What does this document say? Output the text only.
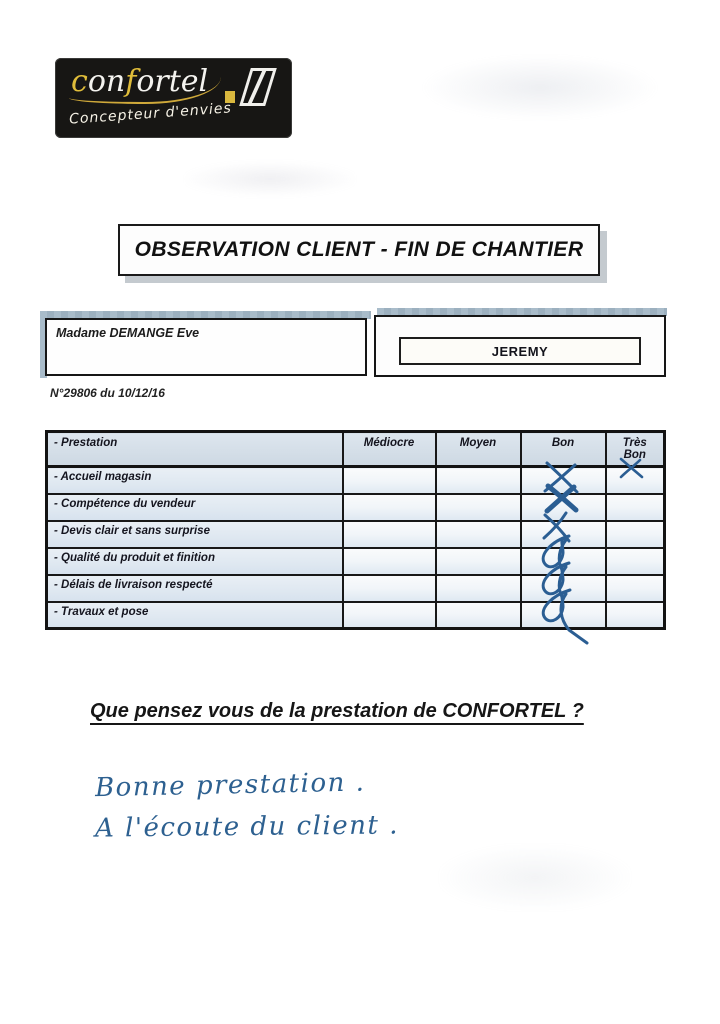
confortel
Concepteur d'envies
OBSERVATION CLIENT - FIN DE CHANTIER
Madame DEMANGE Eve
JEREMY
N°29806 du 10/12/16
- Prestation	Médiocre	Moyen	Bon	Très Bon
- Accueil magasin				
- Compétence du vendeur				
- Devis clair et sans surprise				
- Qualité du produit et finition				
- Délais de livraison respecté				
- Travaux et pose				
Que pensez vous de la prestation de CONFORTEL ?
Bonne prestation .
A l'écoute du client .
